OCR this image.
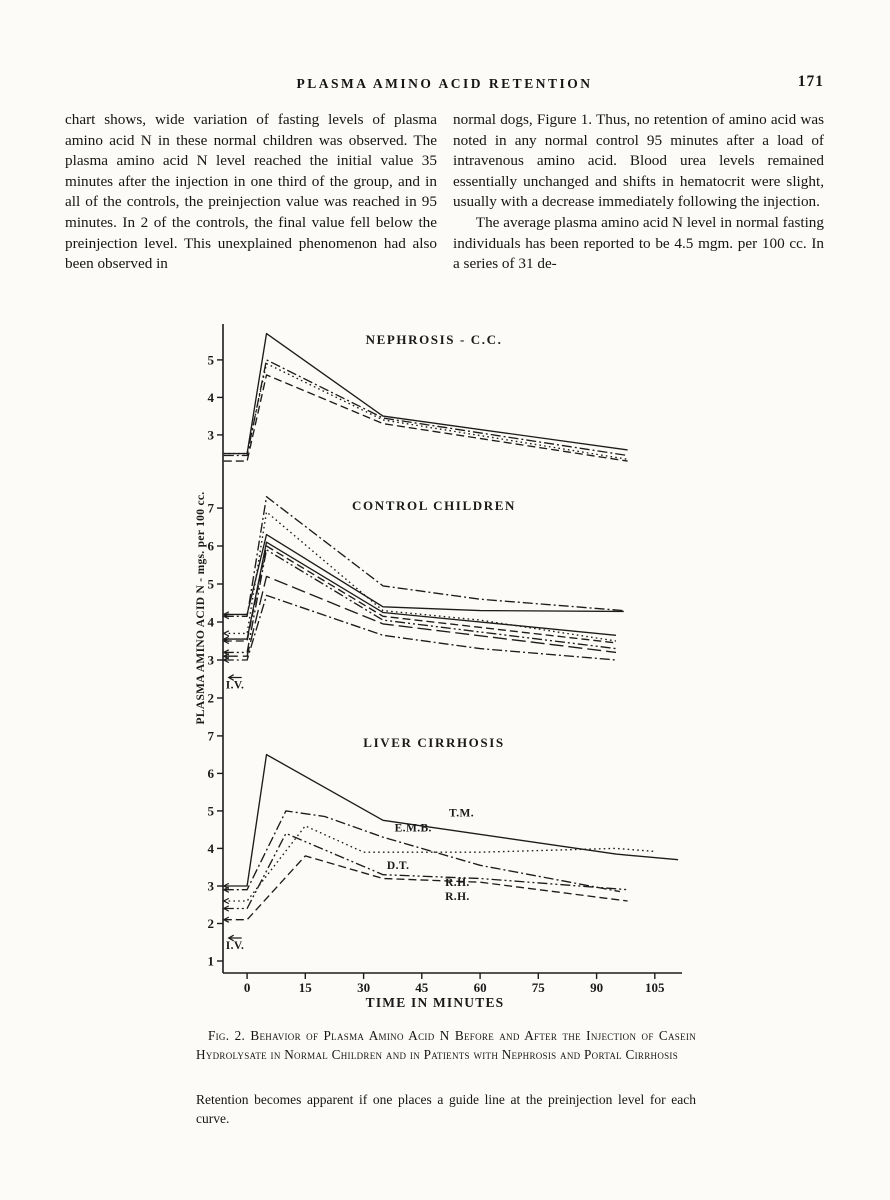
PLASMA AMINO ACID RETENTION	171
chart shows, wide variation of fasting levels of plasma amino acid N in these normal children was observed. The plasma amino acid N level reached the initial value 35 minutes after the injection in one third of the group, and in all of the controls, the preinjection value was reached in 95 minutes. In 2 of the controls, the final value fell below the preinjection level. This unexplained phenomenon had also been observed in

normal dogs, Figure 1. Thus, no retention of amino acid was noted in any normal control 95 minutes after a load of intravenous amino acid. Blood urea levels remained essentially unchanged and shifts in hematocrit were slight, usually with a decrease immediately following the injection.

The average plasma amino acid N level in normal fasting individuals has been reported to be 4.5 mgm. per 100 cc. In a series of 31 de-

0	15	30	45	60	75	90	105
TIME IN MINUTES
PLASMA AMINO ACID N - mgs. per 100 cc.
3
4
5
NEPHROSIS - C.C.
2
3
4
5
6
7	CONTROL CHILDREN
I.V.
1
2
3
4
5
6
7	LIVER CIRRHOSIS
T.M.
E.M.B.
D.T.
R.H.
R.H.
I.V.
Fig. 2. Behavior of Plasma Amino Acid N Before and After the Injection of Casein Hydrolysate in Normal Children and in Patients with Nephrosis and Portal Cirrhosis
Retention becomes apparent if one places a guide line at the preinjection level for each curve.
